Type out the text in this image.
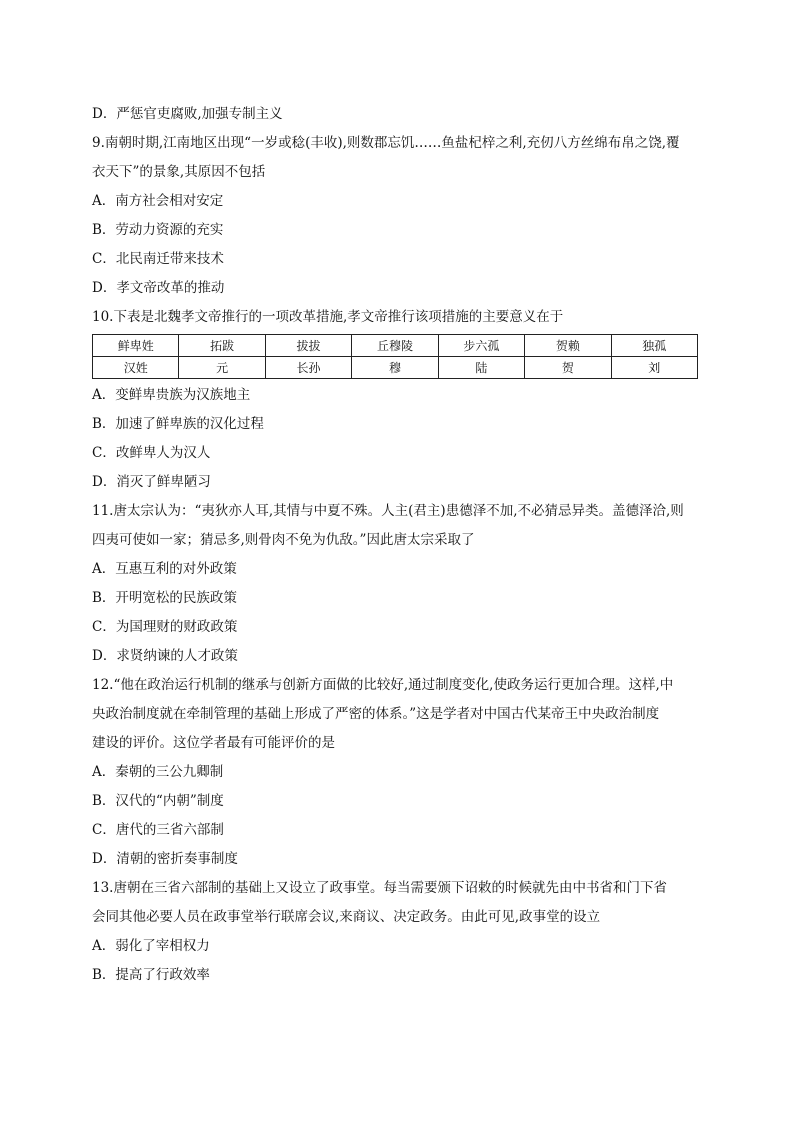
D．严惩官吏腐败,加强专制主义
9.南朝时期,江南地区出现“一岁或稔(丰收),则数郡忘饥……鱼盐杞梓之利,充仞八方丝绵布帛之饶,覆
衣天下”的景象,其原因不包括
A．南方社会相对安定
B．劳动力资源的充实
C．北民南迁带来技术
D．孝文帝改革的推动
10.下表是北魏孝文帝推行的一项改革措施,孝文帝推行该项措施的主要意义在于
鲜卑姓	拓跋	拔拔	丘穆陵	步六孤	贺赖	独孤
汉姓	元	长孙	穆	陆	贺	刘
A．变鲜卑贵族为汉族地主
B．加速了鲜卑族的汉化过程
C．改鲜卑人为汉人
D．消灭了鲜卑陋习
11.唐太宗认为：“夷狄亦人耳,其情与中夏不殊。人主(君主)患德泽不加,不必猜忌异类。盖德泽洽,则
四夷可使如一家；猜忌多,则骨肉不免为仇敌。”因此唐太宗采取了
A．互惠互利的对外政策
B．开明宽松的民族政策
C．为国理财的财政政策
D．求贤纳谏的人才政策
12.“他在政治运行机制的继承与创新方面做的比较好,通过制度变化,使政务运行更加合理。这样,中
央政治制度就在牵制管理的基础上形成了严密的体系。”这是学者对中国古代某帝王中央政治制度
建设的评价。这位学者最有可能评价的是
A．秦朝的三公九卿制
B．汉代的“内朝”制度
C．唐代的三省六部制
D．清朝的密折奏事制度
13.唐朝在三省六部制的基础上又设立了政事堂。每当需要颁下诏敕的时候就先由中书省和门下省
会同其他必要人员在政事堂举行联席会议,来商议、决定政务。由此可见,政事堂的设立
A．弱化了宰相权力
B．提高了行政效率
